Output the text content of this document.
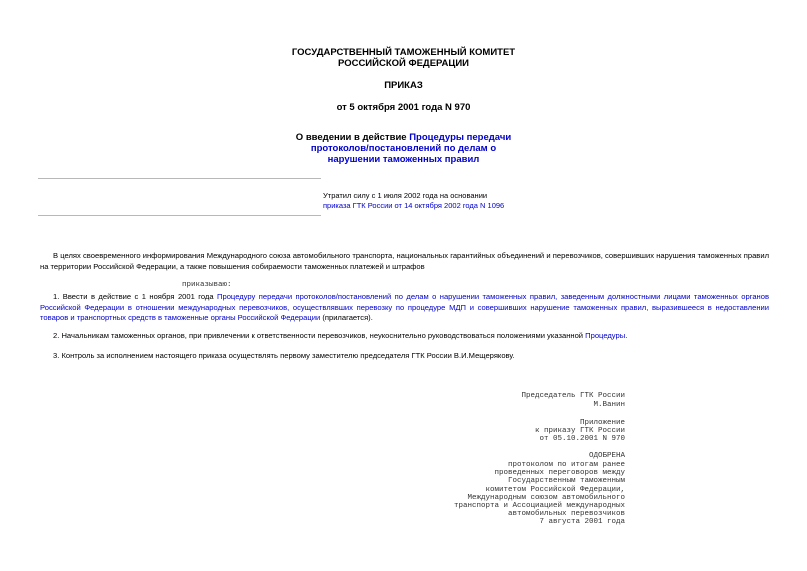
ГОСУДАРСТВЕННЫЙ ТАМОЖЕННЫЙ КОМИТЕТ
РОССИЙСКОЙ ФЕДЕРАЦИИ
ПРИКАЗ
от 5 октября 2001 года N 970
О введении в действие Процедуры передачи
протоколов/постановлений по делам о
нарушении таможенных правил
Утратил силу с 1 июля 2002 года на основании
приказа ГТК России от 14 октября 2002 года N 1096
В целях своевременного информирования Международного союза автомобильного транспорта, национальных гарантийных объединений и перевозчиков, совершивших нарушения таможенных правил на территории Российской Федерации, а также повышения собираемости таможенных платежей и штрафов
приказываю:
1. Ввести в действие с 1 ноября 2001 года Процедуру передачи протоколов/постановлений по делам о нарушении таможенных правил, заведенным должностными лицами таможенных органов Российской Федерации в отношении международных перевозчиков, осуществлявших перевозку по процедуре МДП и совершивших нарушение таможенных правил, выразившееся в недоставлении товаров и транспортных средств в таможенные органы Российской Федерации (прилагается).
2. Начальникам таможенных органов, при привлечении к ответственности перевозчиков, неукоснительно руководствоваться положениями указанной Процедуры.
3. Контроль за исполнением настоящего приказа осуществлять первому заместителю председателя ГТК России В.И.Мещерякову.
Председатель ГТК России
М.Ванин
Приложение
к приказу ГТК России
от 05.10.2001 N 970
ОДОБРЕНА
протоколом по итогам ранее
проведенных переговоров между
Государственным таможенным
комитетом Российской Федерации,
Международным союзом автомобильного
транспорта и Ассоциацией международных
автомобильных перевозчиков
7 августа 2001 года
